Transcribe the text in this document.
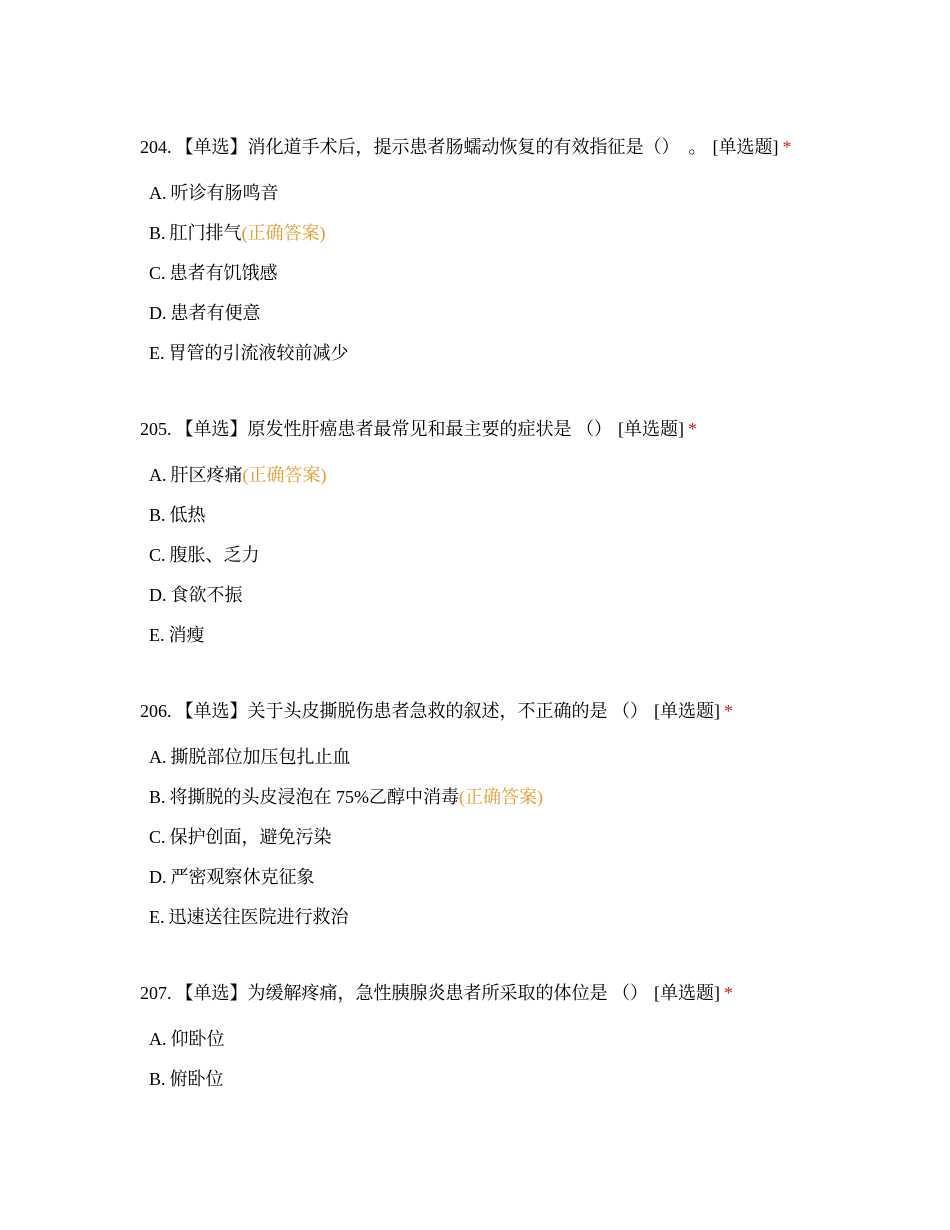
204. 【单选】消化道手术后，提示患者肠蠕动恢复的有效指征是（）　。 [单选题] *
A. 听诊有肠鸣音
B. 肛门排气(正确答案)
C. 患者有饥饿感
D. 患者有便意
E. 胃管的引流液较前减少
205. 【单选】原发性肝癌患者最常见和最主要的症状是 （） [单选题] *
A. 肝区疼痛(正确答案)
B. 低热
C. 腹胀、乏力
D. 食欲不振
E. 消瘦
206. 【单选】关于头皮撕脱伤患者急救的叙述，不正确的是 （） [单选题] *
A. 撕脱部位加压包扎止血
B. 将撕脱的头皮浸泡在 75%乙醇中消毒(正确答案)
C. 保护创面，避免污染
D. 严密观察休克征象
E. 迅速送往医院进行救治
207. 【单选】为缓解疼痛，急性胰腺炎患者所采取的体位是 （） [单选题] *
A. 仰卧位
B. 俯卧位
